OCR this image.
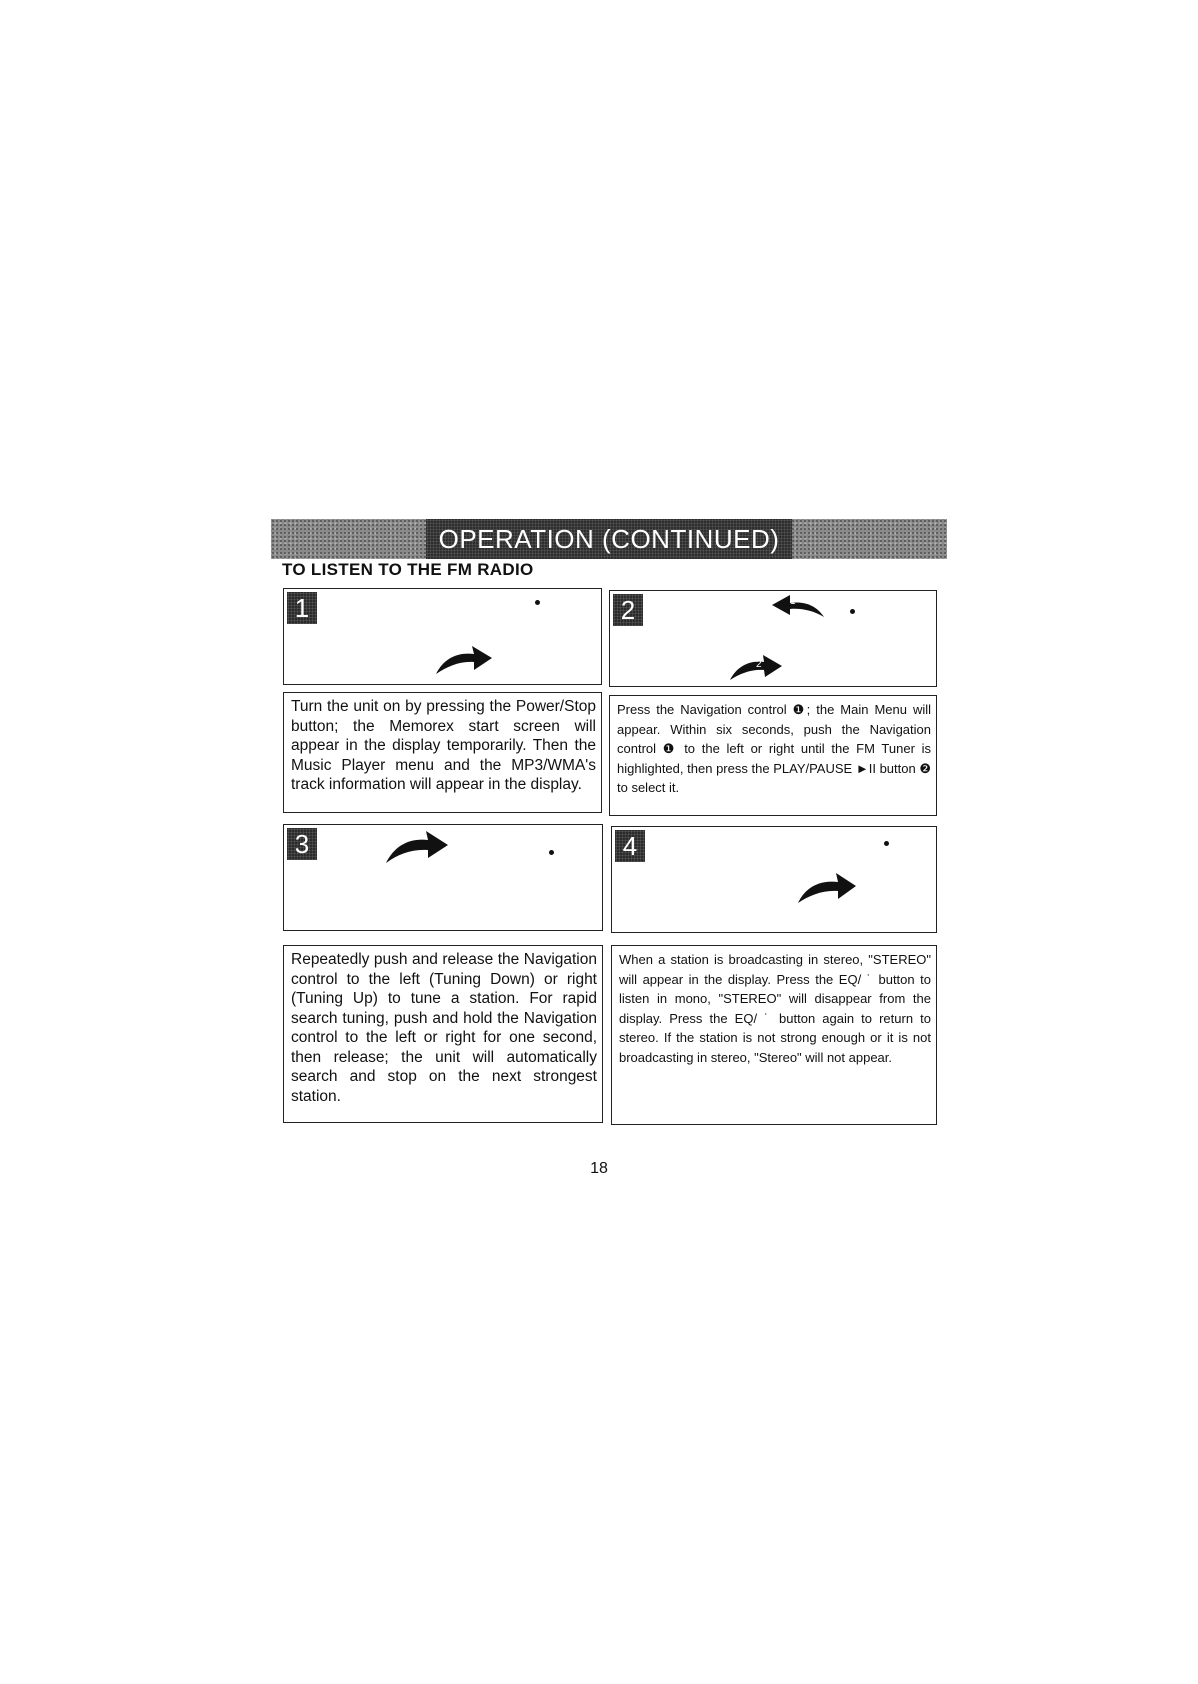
OPERATION (CONTINUED)
TO LISTEN TO THE FM RADIO
1

Turn the unit on by pressing the Power/Stop button; the Memorex start screen will appear in the display temporarily. Then the Music Player menu and the MP3/WMA's track information will appear in the display.

2	1
2

Press the Navigation control ❶; the Main Menu will appear. Within six seconds, push the Navigation control ❶ to the left or right until the FM Tuner is highlighted, then press the PLAY/PAUSE ►II button ❷ to select it.

3

Repeatedly push and release the Navigation control to the left (Tuning Down) or right (Tuning Up) to tune a station. For rapid search tuning, push and hold the Navigation control to the left or right for one second, then release; the unit will automatically search and stop on the next strongest station.

4

When a station is broadcasting in stereo, "STEREO" will appear in the display. Press the EQ/ ˙ button to listen in mono, "STEREO" will disappear from the display. Press the EQ/ ˙ button again to return to stereo. If the station is not strong enough or it is not broadcasting in stereo, "Stereo" will not appear.

18
